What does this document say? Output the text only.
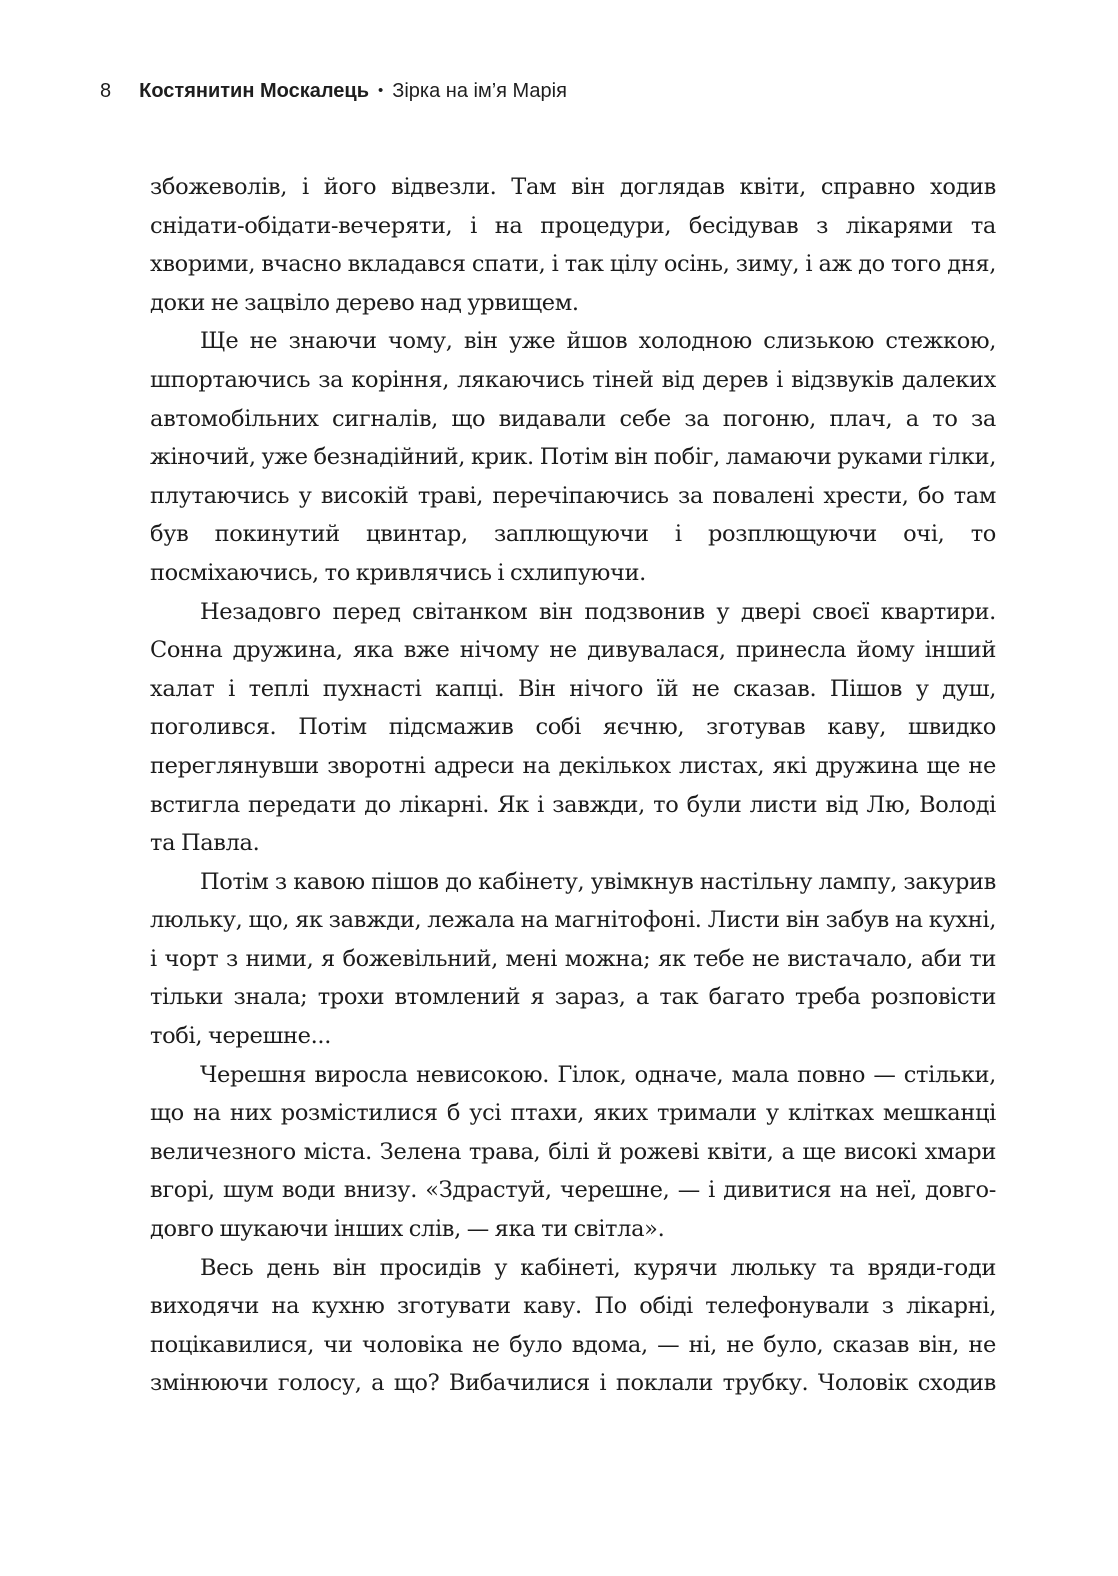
8 Костянитин Москалець • Зірка на ім’я Марія

збожеволів, і його відвезли. Там він доглядав квіти, справно ходив снідати-обідати-вечеряти, і на процедури, бесідував з лікарями та хворими, вчасно вкладався спати, і так цілу осінь, зиму, і аж до того дня, доки не зацвіло дерево над урвищем.

Ще не знаючи чому, він уже йшов холодною слизькою стежкою, шпортаючись за коріння, лякаючись тіней від дерев і відзвуків далеких автомобільних сигналів, що видавали себе за погоню, плач, а то за жіночий, уже безнадійний, крик. Потім він побіг, ламаючи руками гілки, плутаючись у високій траві, перечіпаючись за повалені хрести, бо там був покинутий цвинтар, заплющуючи і розплющуючи очі, то посміхаючись, то кривлячись і схлипуючи.

Незадовго перед світанком він подзвонив у двері своєї квартири. Сонна дружина, яка вже нічому не дивувалася, принесла йому інший халат і теплі пухнасті капці. Він нічого їй не сказав. Пішов у душ, поголився. Потім підсмажив собі яєчню, зготував каву, швидко переглянувши зворотні адреси на декількох листах, які дружина ще не встигла передати до лікарні. Як і завжди, то були листи від Лю, Володі та Павла.

Потім з кавою пішов до кабінету, увімкнув настільну лампу, закурив люльку, що, як завжди, лежала на магнітофоні. Листи він забув на кухні, і чорт з ними, я божевільний, мені можна; як тебе не вистачало, аби ти тільки знала; трохи втомлений я зараз, а так багато треба розповісти тобі, черешне...

Черешня виросла невисокою. Гілок, одначе, мала повно — стільки, що на них розмістилися б усі птахи, яких тримали у клітках мешканці величезного міста. Зелена трава, білі й рожеві квіти, а ще високі хмари вгорі, шум води внизу. «Здрастуй, черешне, — і дивитися на неї, довго-довго шукаючи інших слів, — яка ти світла».

Весь день він просидів у кабінеті, курячи люльку та вряди-годи виходячи на кухню зготувати каву. По обіді телефонували з лікарні, поцікавилися, чи чоловіка не було вдома, — ні, не було, сказав він, не змінюючи голосу, а що? Вибачилися і поклали трубку. Чоловік сходив
